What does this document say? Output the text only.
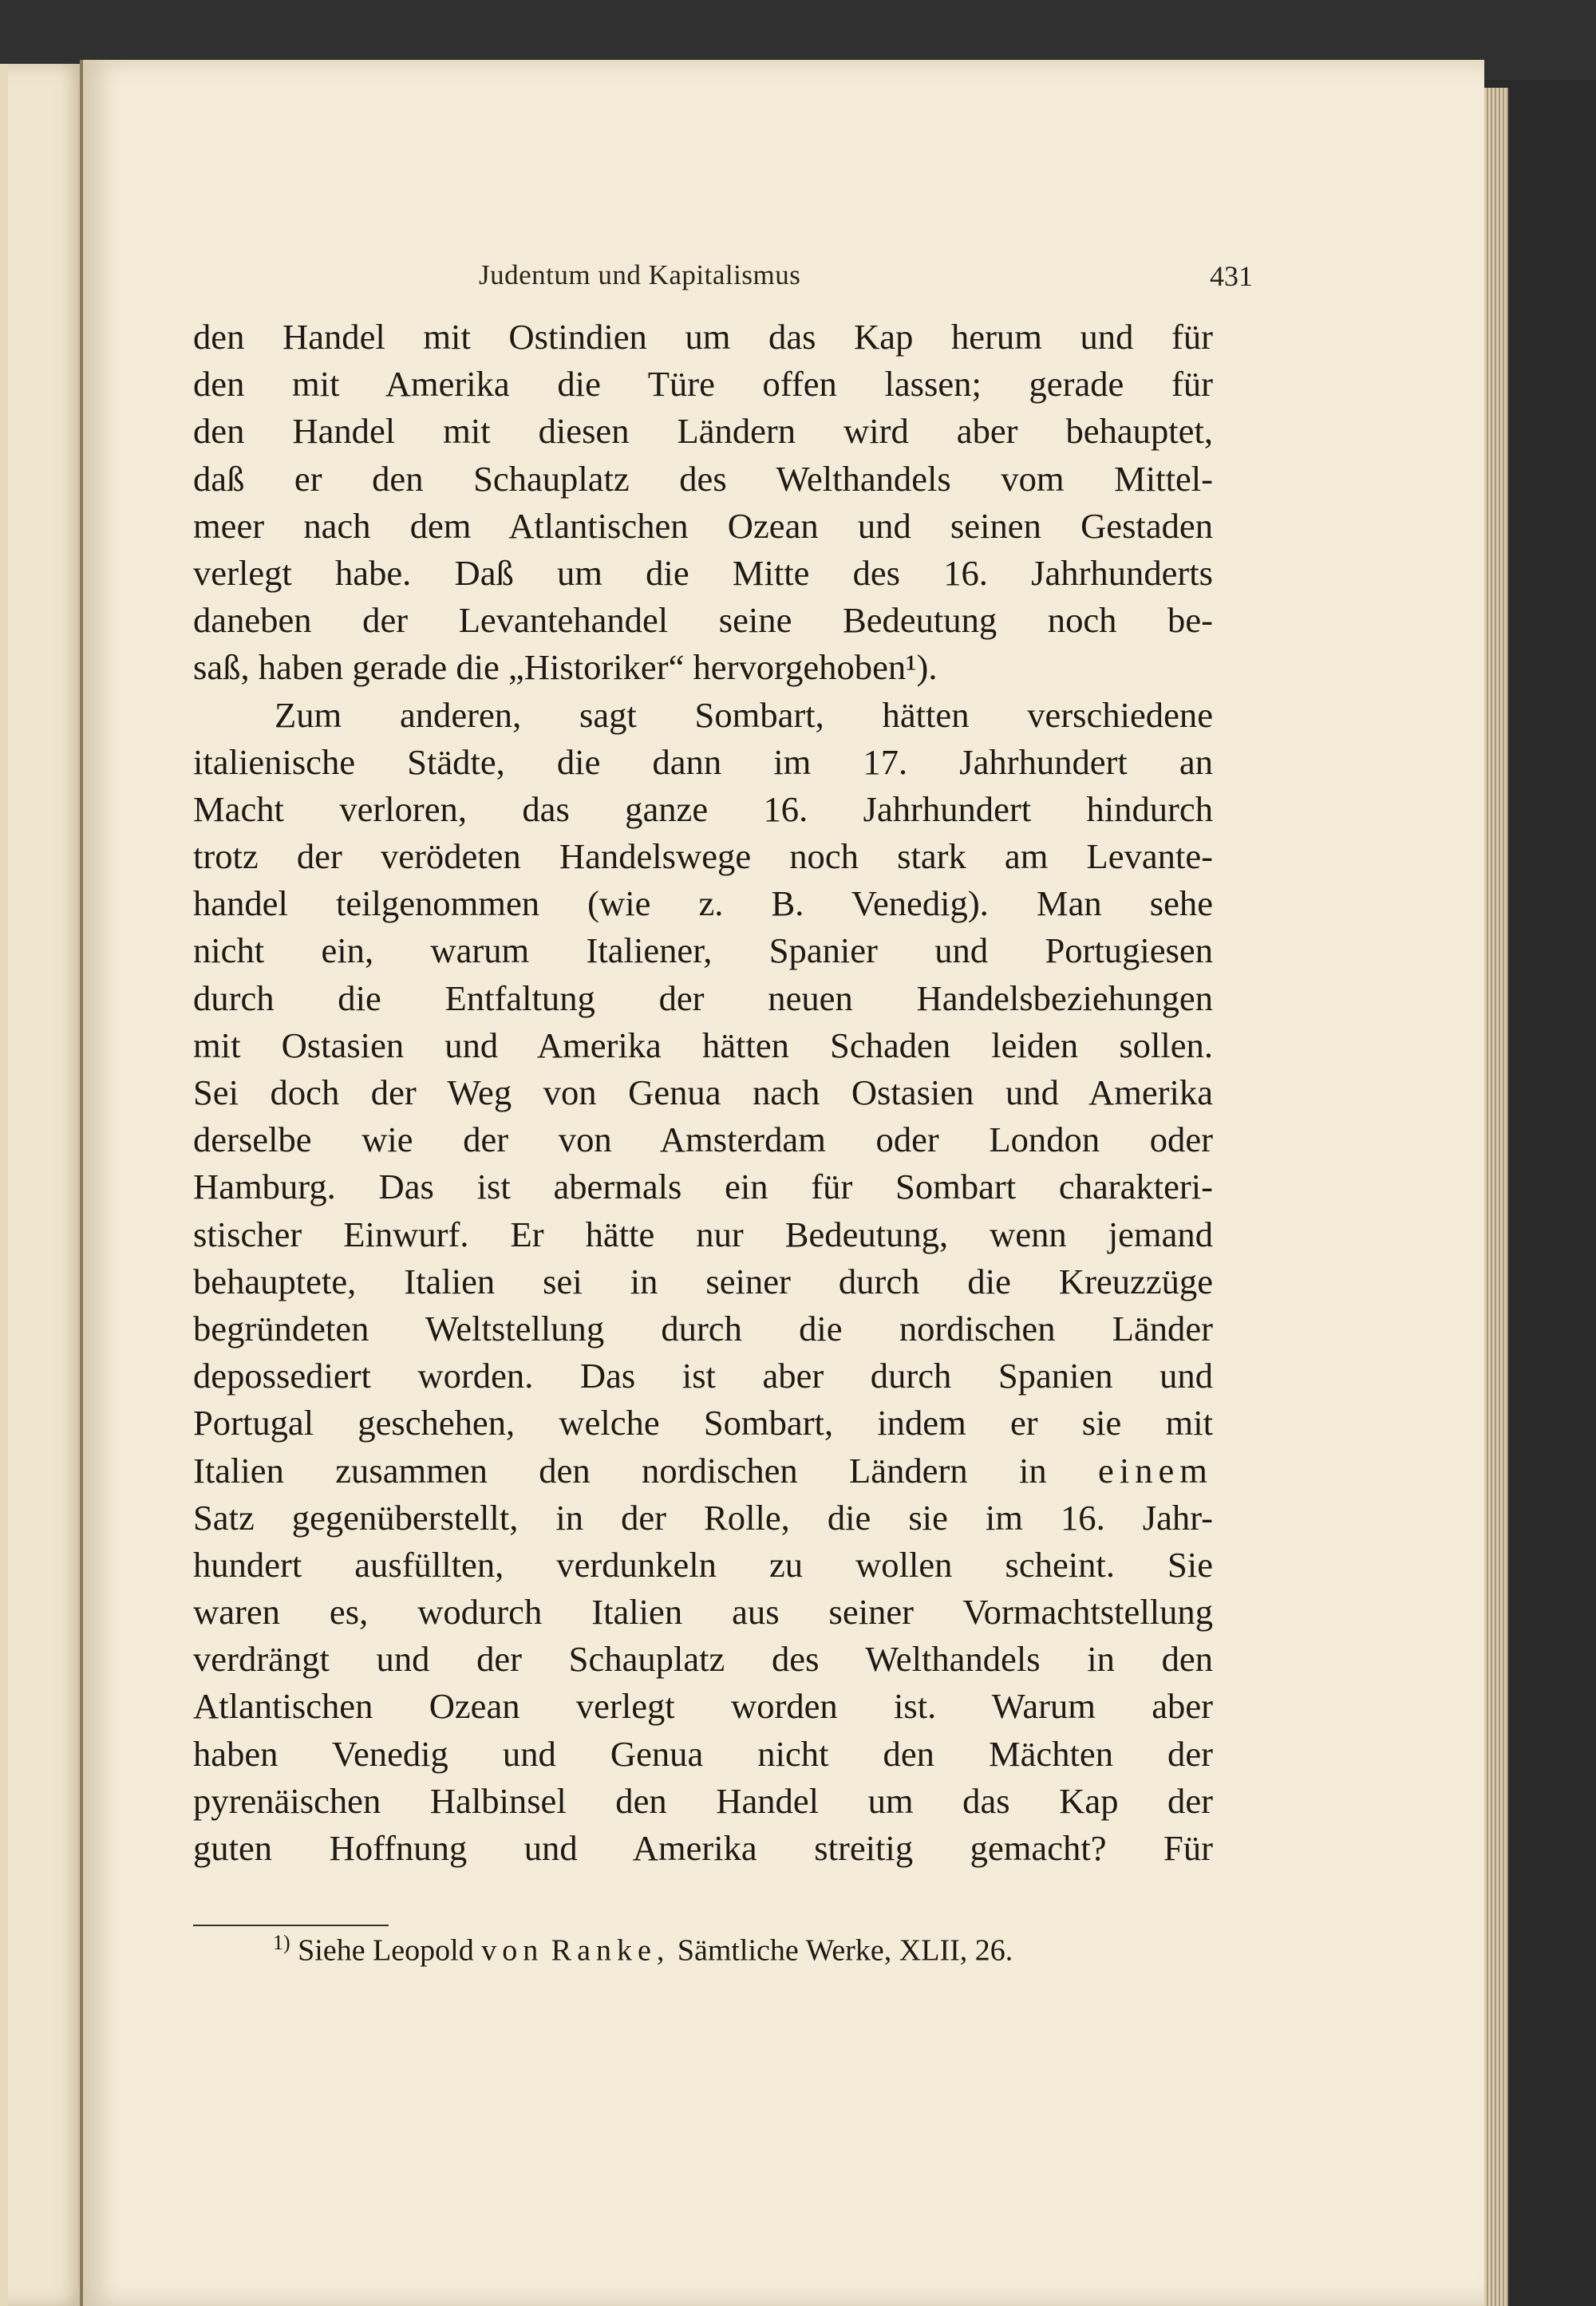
Judentum und Kapitalismus	431
den Handel mit Ostindien um das Kap herum und für
den mit Amerika die Türe offen lassen; gerade für
den Handel mit diesen Ländern wird aber behauptet,
daß er den Schauplatz des Welthandels vom Mittel-
meer nach dem Atlantischen Ozean und seinen Gestaden
verlegt habe. Daß um die Mitte des 16. Jahrhunderts
daneben der Levantehandel seine Bedeutung noch be-
saß, haben gerade die „Historiker“ hervorgehoben¹).
Zum anderen, sagt Sombart, hätten verschiedene
italienische Städte, die dann im 17. Jahrhundert an
Macht verloren, das ganze 16. Jahrhundert hindurch
trotz der verödeten Handelswege noch stark am Levante-
handel teilgenommen (wie z. B. Venedig). Man sehe
nicht ein, warum Italiener, Spanier und Portugiesen
durch die Entfaltung der neuen Handelsbeziehungen
mit Ostasien und Amerika hätten Schaden leiden sollen.
Sei doch der Weg von Genua nach Ostasien und Amerika
derselbe wie der von Amsterdam oder London oder
Hamburg. Das ist abermals ein für Sombart charakteri-
stischer Einwurf. Er hätte nur Bedeutung, wenn jemand
behauptete, Italien sei in seiner durch die Kreuzzüge
begründeten Weltstellung durch die nordischen Länder
depossediert worden. Das ist aber durch Spanien und
Portugal geschehen, welche Sombart, indem er sie mit
Italien zusammen den nordischen Ländern in einem
Satz gegenüberstellt, in der Rolle, die sie im 16. Jahr-
hundert ausfüllten, verdunkeln zu wollen scheint. Sie
waren es, wodurch Italien aus seiner Vormachtstellung
verdrängt und der Schauplatz des Welthandels in den
Atlantischen Ozean verlegt worden ist. Warum aber
haben Venedig und Genua nicht den Mächten der
pyrenäischen Halbinsel den Handel um das Kap der
guten Hoffnung und Amerika streitig gemacht? Für
$^{1)}$ Siehe Leopold von Ranke, Sämtliche Werke, XLII, 26.
